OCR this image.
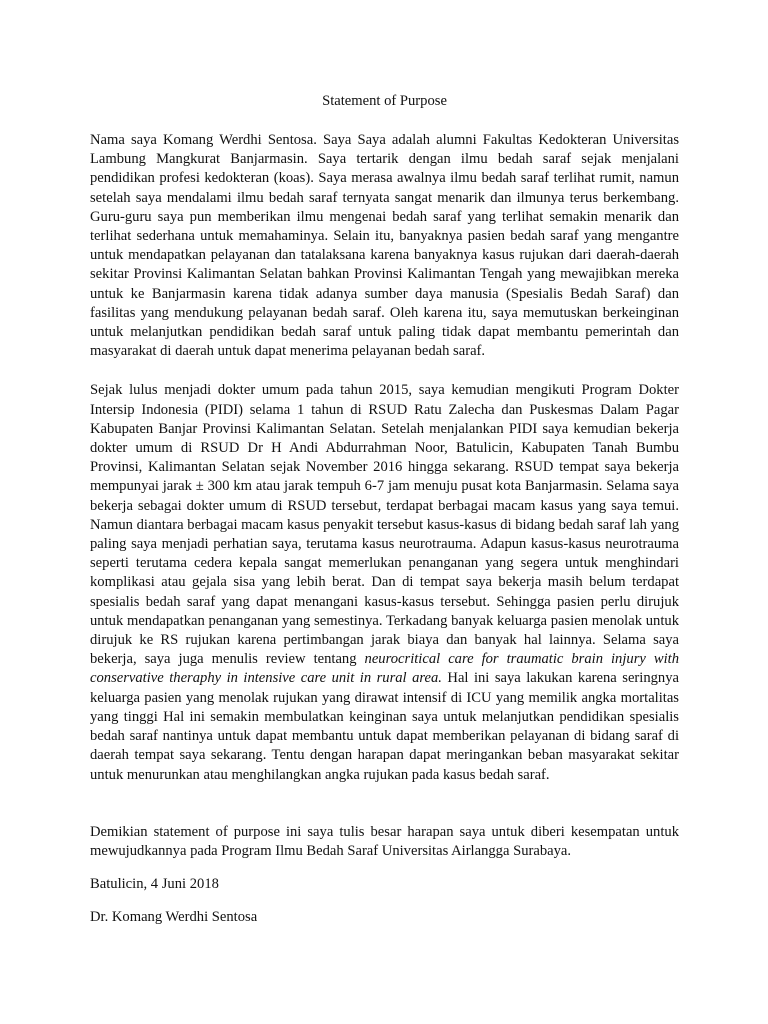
Statement of Purpose

Nama saya Komang Werdhi Sentosa. Saya Saya adalah alumni Fakultas Kedokteran Universitas Lambung Mangkurat Banjarmasin. Saya tertarik dengan ilmu bedah saraf sejak menjalani pendidikan profesi kedokteran (koas). Saya merasa awalnya ilmu bedah saraf terlihat rumit, namun setelah saya mendalami ilmu bedah saraf ternyata sangat menarik dan ilmunya terus berkembang. Guru-guru saya pun memberikan ilmu mengenai bedah saraf yang terlihat semakin menarik dan terlihat sederhana untuk memahaminya. Selain itu, banyaknya pasien bedah saraf yang mengantre untuk mendapatkan pelayanan dan tatalaksana karena banyaknya kasus rujukan dari daerah-daerah sekitar Provinsi Kalimantan Selatan bahkan Provinsi Kalimantan Tengah yang mewajibkan mereka untuk ke Banjarmasin karena tidak adanya sumber daya manusia (Spesialis Bedah Saraf) dan fasilitas yang mendukung pelayanan bedah saraf. Oleh karena itu, saya memutuskan berkeinginan untuk melanjutkan pendidikan bedah saraf untuk paling tidak dapat membantu pemerintah dan masyarakat di daerah untuk dapat menerima pelayanan bedah saraf.

Sejak lulus menjadi dokter umum pada tahun 2015, saya kemudian mengikuti Program Dokter Intersip Indonesia (PIDI) selama 1 tahun di RSUD Ratu Zalecha dan Puskesmas Dalam Pagar Kabupaten Banjar Provinsi Kalimantan Selatan. Setelah menjalankan PIDI saya kemudian bekerja dokter umum di RSUD Dr H Andi Abdurrahman Noor, Batulicin, Kabupaten Tanah Bumbu Provinsi, Kalimantan Selatan sejak November 2016 hingga sekarang. RSUD tempat saya bekerja mempunyai jarak ± 300 km atau jarak tempuh 6-7 jam menuju pusat kota Banjarmasin. Selama saya bekerja sebagai dokter umum di RSUD tersebut, terdapat berbagai macam kasus yang saya temui. Namun diantara berbagai macam kasus penyakit tersebut kasus-kasus di bidang bedah saraf lah yang paling saya menjadi perhatian saya, terutama kasus neurotrauma. Adapun kasus-kasus neurotrauma seperti terutama cedera kepala sangat memerlukan penanganan yang segera untuk menghindari komplikasi atau gejala sisa yang lebih berat. Dan di tempat saya bekerja masih belum terdapat spesialis bedah saraf yang dapat menangani kasus-kasus tersebut. Sehingga pasien perlu dirujuk untuk mendapatkan penanganan yang semestinya. Terkadang banyak keluarga pasien menolak untuk dirujuk ke RS rujukan karena pertimbangan jarak biaya dan banyak hal lainnya. Selama saya bekerja, saya juga menulis review tentang neurocritical care for traumatic brain injury with conservative theraphy in intensive care unit in rural area. Hal ini saya lakukan karena seringnya keluarga pasien yang menolak rujukan yang dirawat intensif di ICU yang memilik angka mortalitas yang tinggi Hal ini semakin membulatkan keinginan saya untuk melanjutkan pendidikan spesialis bedah saraf nantinya untuk dapat membantu untuk dapat memberikan pelayanan di bidang saraf di daerah tempat saya sekarang. Tentu dengan harapan dapat meringankan beban masyarakat sekitar untuk menurunkan atau menghilangkan angka rujukan pada kasus bedah saraf.

Demikian statement of purpose ini saya tulis besar harapan saya untuk diberi kesempatan untuk mewujudkannya pada Program Ilmu Bedah Saraf Universitas Airlangga Surabaya.

Batulicin, 4 Juni 2018

Dr. Komang Werdhi Sentosa
